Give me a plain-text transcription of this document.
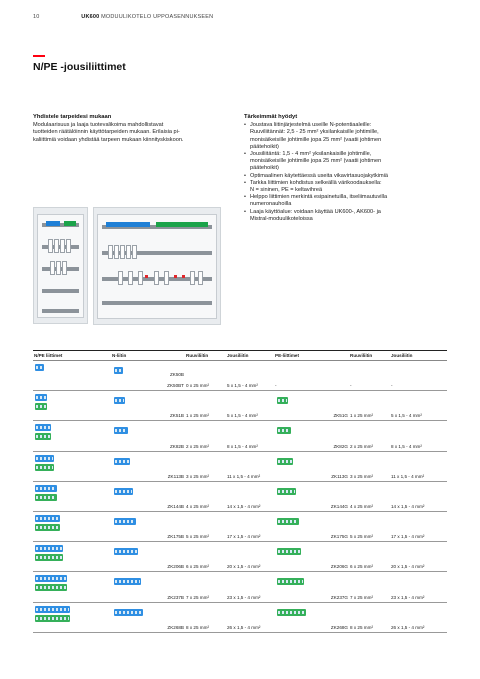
10	UK600 MODUULIKOTELO UPPOASENNUKSEEN
N/PE -jousiliittimet
Yhdistele tarpeidesi mukaan
Modulaarisuus ja laaja tuotevalikoima mahdollistavat
tuotteiden räätälöinnin käyttötarpeiden mukaan. Erilaisia pi-
kaliittimiä voidaan yhdistää tarpeen mukaan kiinnityskiskoon.
Tärkeimmät hyödyt
• Joustava liitinjärjestelmä useille N-potentiaaleille:
Ruuviliitännät: 2,5 - 25 mm² yksilankaisille johtimille,
monisäikeisille johtimille jopa 25 mm² (vaatii johtimen
päätehoikit)
• Jousiliitäntä: 1,5 - 4 mm² yksilankaisille johtimille,
monisäikeisille johtimille jopa 25 mm² (vaatii johtimen
päätehoikit)
• Optimaalinen käytettäessä useita vikavirtasuojakytkimiä
• Tarkka liittimien kohdistus selkeällä värikoodauksella:
N = sininen, PE = keltavihreä
• Helppo liittimien merkintä esipainetuilla, itseliimautuvilla
numeronauhoilla
• Laaja käyttöalue: voidaan käyttää UK600-, AK600- ja
Mistral-moduulikoteloissa
N/PE liittimet	N-liitin	Ruuviliitin	Jousiliitin	PE-liittimet	Ruuviliitin	Jousiliitin

	ZK50B
ZK50BT	0 x 25 mm²	5 x 1,5 - 4 mm²	-	-	-

	ZK51B	1 x 25 mm²	5 x 1,5 - 4 mm²	ZK51G	1 x 25 mm²	5 x 1,5 - 4 mm²

	ZK82B	2 x 25 mm²	8 x 1,5 - 4 mm²	ZK82G	2 x 25 mm²	8 x 1,5 - 4 mm²

	ZK113B	3 x 25 mm²	11 x 1,5 - 4 mm²	ZK113G	3 x 25 mm²	11 x 1,5 - 4 mm²

	ZK144B	4 x 25 mm²	14 x 1,5 - 4 mm²	ZK144G	4 x 25 mm²	14 x 1,5 - 4 mm²

	ZK175B	5 x 25 mm²	17 x 1,5 - 4 mm²	ZK175G	5 x 25 mm²	17 x 1,5 - 4 mm²

	ZK206B	6 x 25 mm²	20 x 1,5 - 4 mm²	ZK206G	6 x 25 mm²	20 x 1,5 - 4 mm²

	ZK237B	7 x 25 mm²	23 x 1,5 - 4 mm²	ZK237G	7 x 25 mm²	23 x 1,5 - 4 mm²

	ZK268B	8 x 25 mm²	26 x 1,5 - 4 mm²	ZK268G	8 x 25 mm²	26 x 1,5 - 4 mm²
